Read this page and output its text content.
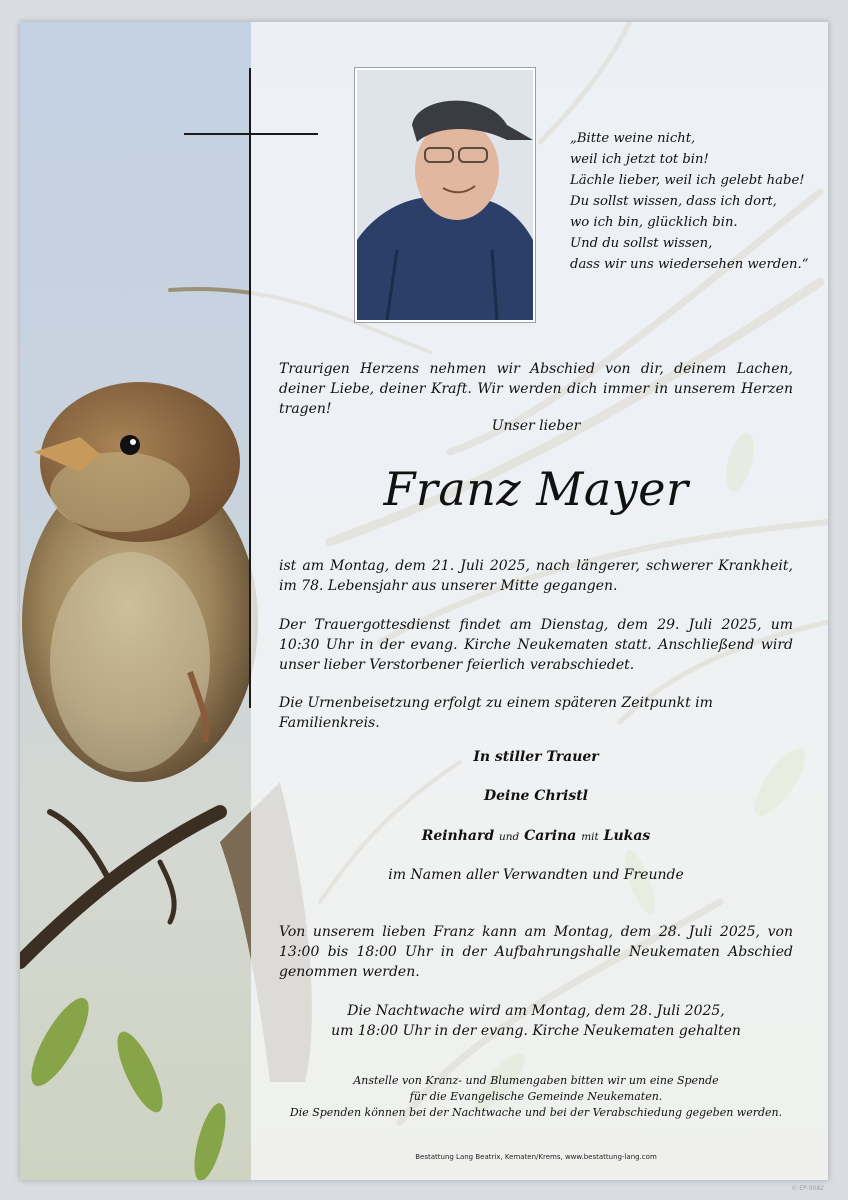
„Bitte weine nicht,

weil ich jetzt tot bin!

Lächle lieber, weil ich gelebt habe!

Du sollst wissen, dass ich dort,

wo ich bin, glücklich bin.

Und du sollst wissen,

dass wir uns wiedersehen werden.“

Traurigen Herzens nehmen wir Abschied von dir, deinem Lachen, deiner Liebe, deiner Kraft. Wir werden dich immer in unserem Herzen tragen!
Unser lieber
Franz Mayer
ist am Montag, dem 21. Juli 2025, nach längerer, schwerer Krankheit, im 78. Lebensjahr aus unserer Mitte gegangen.
Der Trauergottesdienst findet am Dienstag, dem 29. Juli 2025, um 10:30 Uhr in der evang. Kirche Neukematen statt. Anschließend wird unser lieber Verstorbener feierlich verabschiedet.
Die Urnenbeisetzung erfolgt zu einem späteren Zeitpunkt im Familienkreis.
In stiller Trauer
Deine Christl
Reinhard und Carina mit Lukas
im Namen aller Verwandten und Freunde
Von unserem lieben Franz kann am Montag, dem 28. Juli 2025, von 13:00 bis 18:00 Uhr in der Aufbahrungshalle Neukematen Abschied genommen werden.
Die Nachtwache wird am Montag, dem 28. Juli 2025,
um 18:00 Uhr in der evang. Kirche Neukematen gehalten
Anstelle von Kranz- und Blumengaben bitten wir um eine Spende
für die Evangelische Gemeinde Neukematen.
Die Spenden können bei der Nachtwache und bei der Verabschiedung gegeben werden.
Bestattung Lang Beatrix, Kematen/Krems, www.bestattung-lang.com
© EP-9082
